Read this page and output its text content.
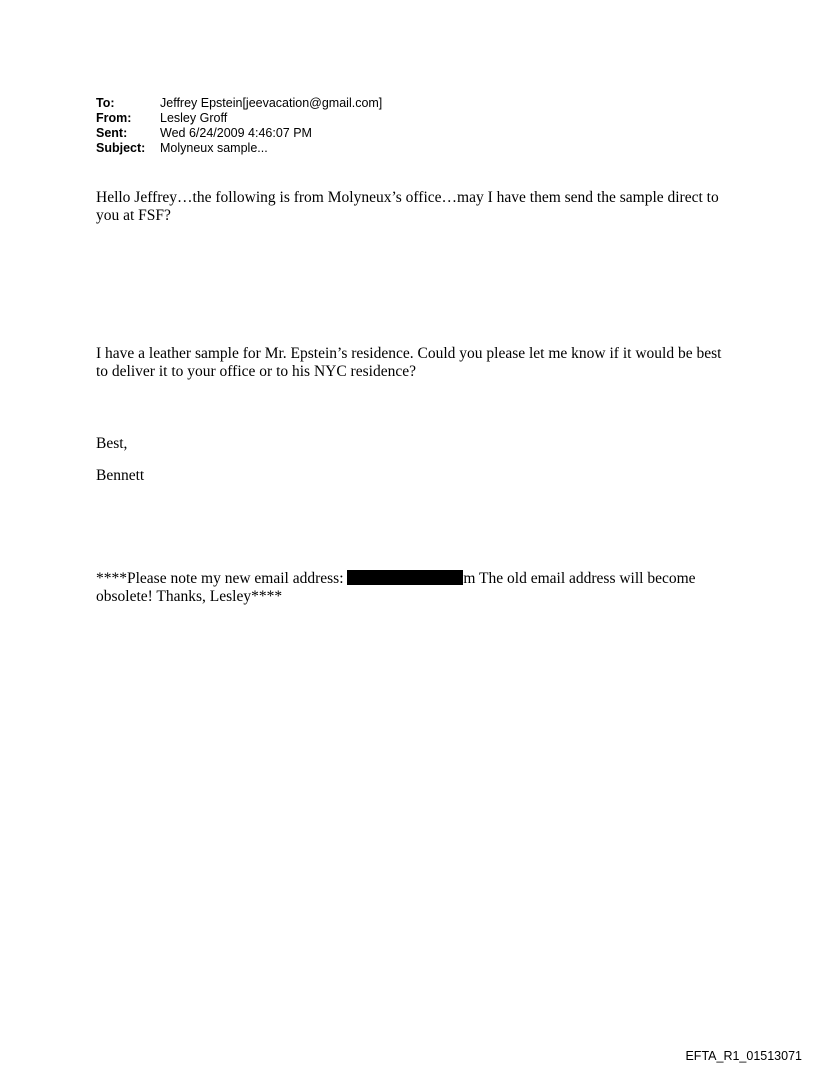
To:	Jeffrey Epstein[jeevacation@gmail.com]
From:	Lesley Groff
Sent:	Wed 6/24/2009 4:46:07 PM
Subject:	Molyneux sample...

Hello Jeffrey…the following is from Molyneux’s office…may I have them send the sample direct to you at FSF?

I have a leather sample for Mr. Epstein’s residence. Could you please let me know if it would be best to deliver it to your office or to his NYC residence?

Best,

Bennett

****Please note my new email address:	m The old email address will become obsolete! Thanks, Lesley****

EFTA_R1_01513071
